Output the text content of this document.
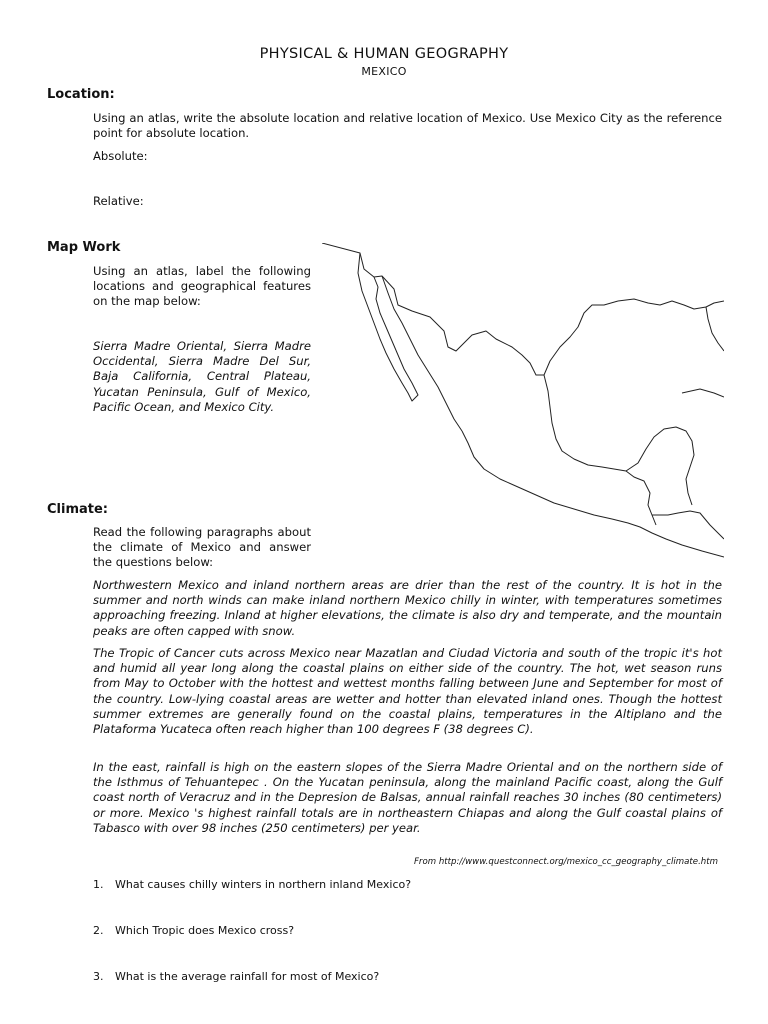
PHYSICAL & HUMAN GEOGRAPHY
MEXICO
Location:
Using an atlas, write the absolute location and relative location of Mexico. Use Mexico City as the reference point for absolute location.
Absolute:
Relative:
Map Work
Using an atlas, label the following locations and geographical features on the map below:
Sierra Madre Oriental, Sierra Madre Occidental, Sierra Madre Del Sur, Baja California, Central Plateau, Yucatan Peninsula, Gulf of Mexico, Pacific Ocean, and Mexico City.
Climate:
Read the following paragraphs about the climate of Mexico and answer the questions below:
Northwestern Mexico and inland northern areas are drier than the rest of the country. It is hot in the summer and north winds can make inland northern Mexico chilly in winter, with temperatures sometimes approaching freezing. Inland at higher elevations, the climate is also dry and temperate, and the mountain peaks are often capped with snow.
The Tropic of Cancer cuts across Mexico near Mazatlan and Ciudad Victoria and south of the tropic it's hot and humid all year long along the coastal plains on either side of the country. The hot, wet season runs from May to October with the hottest and wettest months falling between June and September for most of the country. Low-lying coastal areas are wetter and hotter than elevated inland ones. Though the hottest summer extremes are generally found on the coastal plains, temperatures in the Altiplano and the Plataforma Yucateca often reach higher than 100 degrees F (38 degrees C).
In the east, rainfall is high on the eastern slopes of the Sierra Madre Oriental and on the northern side of the Isthmus of Tehuantepec . On the Yucatan peninsula, along the mainland Pacific coast, along the Gulf coast north of Veracruz and in the Depresion de Balsas, annual rainfall reaches 30 inches (80 centimeters) or more. Mexico 's highest rainfall totals are in northeastern Chiapas and along the Gulf coastal plains of Tabasco with over 98 inches (250 centimeters) per year.
From http://www.questconnect.org/mexico_cc_geography_climate.htm
1. What causes chilly winters in northern inland Mexico?
2. Which Tropic does Mexico cross?
3. What is the average rainfall for most of Mexico?
